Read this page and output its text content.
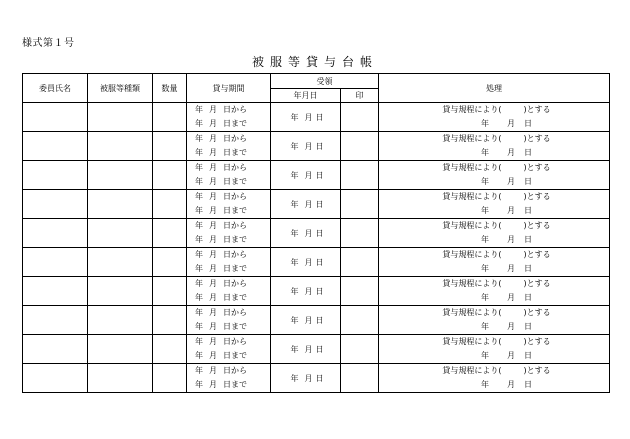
様式第１号
被服等貸与台帳
委員氏名	被服等種類	数量	貸与期間	受領		処理
				年月日	印	

			年 月 日から
年 月 日まで	年 月 日		貸与規程により( )とする
年 月 日

			年 月 日から
年 月 日まで	年 月 日		貸与規程により( )とする
年 月 日

			年 月 日から
年 月 日まで	年 月 日		貸与規程により( )とする
年 月 日

			年 月 日から
年 月 日まで	年 月 日		貸与規程により( )とする
年 月 日

			年 月 日から
年 月 日まで	年 月 日		貸与規程により( )とする
年 月 日

			年 月 日から
年 月 日まで	年 月 日		貸与規程により( )とする
年 月 日

			年 月 日から
年 月 日まで	年 月 日		貸与規程により( )とする
年 月 日

			年 月 日から
年 月 日まで	年 月 日		貸与規程により( )とする
年 月 日

			年 月 日から
年 月 日まで	年 月 日		貸与規程により( )とする
年 月 日

			年 月 日から
年 月 日まで	年 月 日		貸与規程により( )とする
年 月 日
